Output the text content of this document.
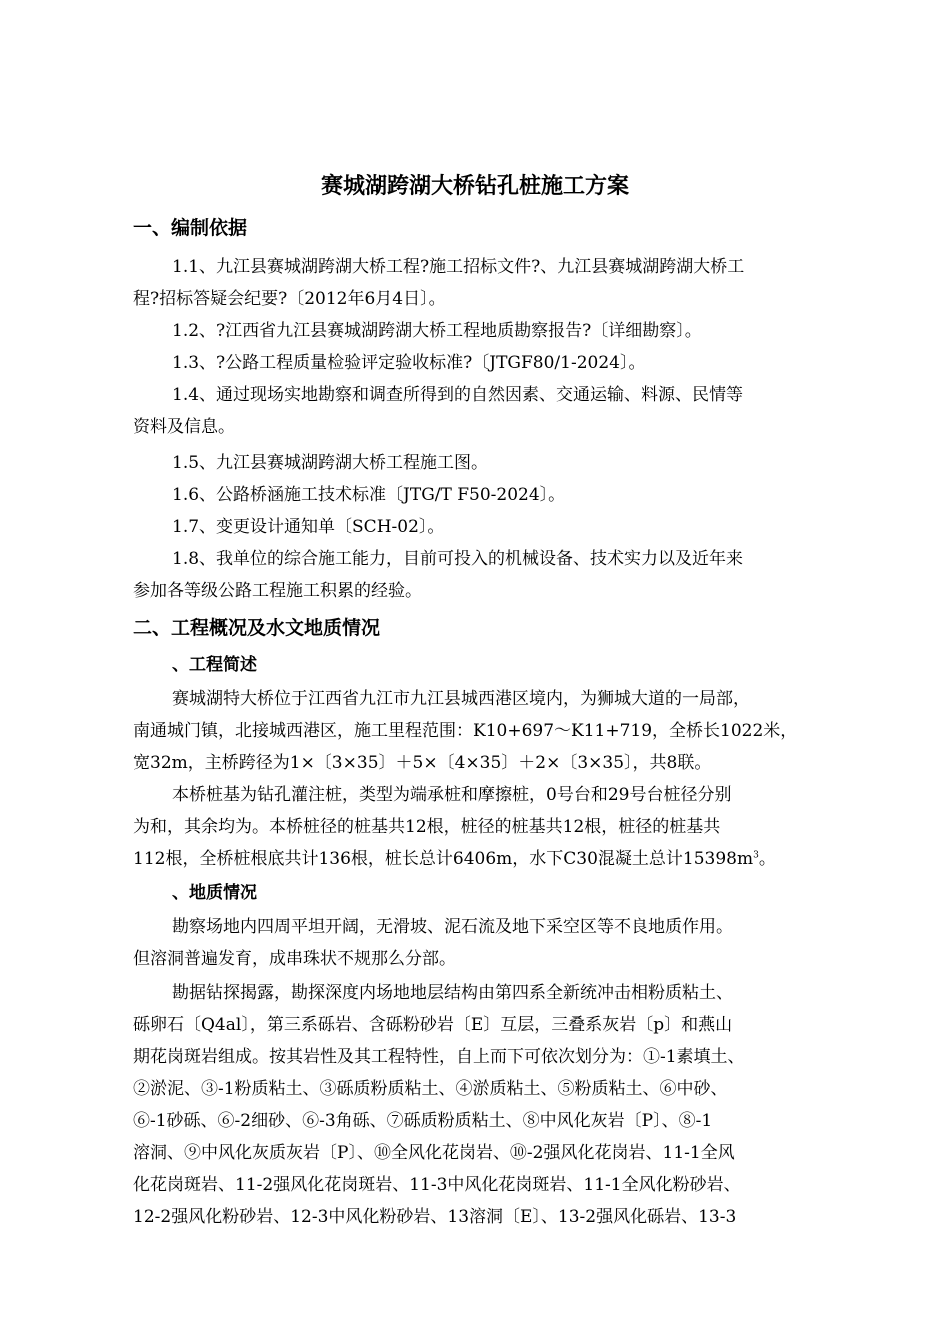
赛城湖跨湖大桥钻孔桩施工方案
一、编制依据
1.1、九江县赛城湖跨湖大桥工程?施工招标文件?、九江县赛城湖跨湖大桥工
程?招标答疑会纪要?〔2012年6月4日〕。
1.2、?江西省九江县赛城湖跨湖大桥工程地质勘察报告?〔详细勘察〕。
1.3、?公路工程质量检验评定验收标准?〔JTGF80/1-2024〕。
1.4、通过现场实地勘察和调查所得到的自然因素、交通运输、料源、民情等
资料及信息。
1.5、九江县赛城湖跨湖大桥工程施工图。
1.6、公路桥涵施工技术标准〔JTG/T F50-2024〕。
1.7、变更设计通知单〔SCH-02〕。
1.8、我单位的综合施工能力，目前可投入的机械设备、技术实力以及近年来
参加各等级公路工程施工积累的经验。
二、工程概况及水文地质情况
、工程简述
赛城湖特大桥位于江西省九江市九江县城西港区境内，为狮城大道的一局部，
南通城门镇，北接城西港区，施工里程范围：K10+697～K11+719，全桥长1022米，
宽32m，主桥跨径为1×〔3×35〕＋5×〔4×35〕＋2×〔3×35〕，共8联。
本桥桩基为钻孔灌注桩，类型为端承桩和摩擦桩，0号台和29号台桩径分别
为和，其余均为。本桥桩径的桩基共12根，桩径的桩基共12根，桩径的桩基共
112根，全桥桩根底共计136根，桩长总计6406m，水下C30混凝土总计$15398m^3$。
、地质情况
勘察场地内四周平坦开阔，无滑坡、泥石流及地下采空区等不良地质作用。
但溶洞普遍发育，成串珠状不规那么分部。
勘据钻探揭露，勘探深度内场地地层结构由第四系全新统冲击相粉质粘土、
砾卵石〔Q4al〕，第三系砾岩、含砾粉砂岩〔E〕互层，三叠系灰岩〔p〕和燕山
期花岗斑岩组成。按其岩性及其工程特性，自上而下可依次划分为：①-1素填土、
②淤泥、③-1粉质粘土、③砾质粉质粘土、④淤质粘土、⑤粉质粘土、⑥中砂、
⑥-1砂砾、⑥-2细砂、⑥-3角砾、⑦砾质粉质粘土、⑧中风化灰岩〔P〕、⑧-1
溶洞、⑨中风化灰质灰岩〔P〕、⑩全风化花岗岩、⑩-2强风化花岗岩、11-1全风
化花岗斑岩、11-2强风化花岗斑岩、11-3中风化花岗斑岩、11-1全风化粉砂岩、
12-2强风化粉砂岩、12-3中风化粉砂岩、13溶洞〔E〕、13-2强风化砾岩、13-3
